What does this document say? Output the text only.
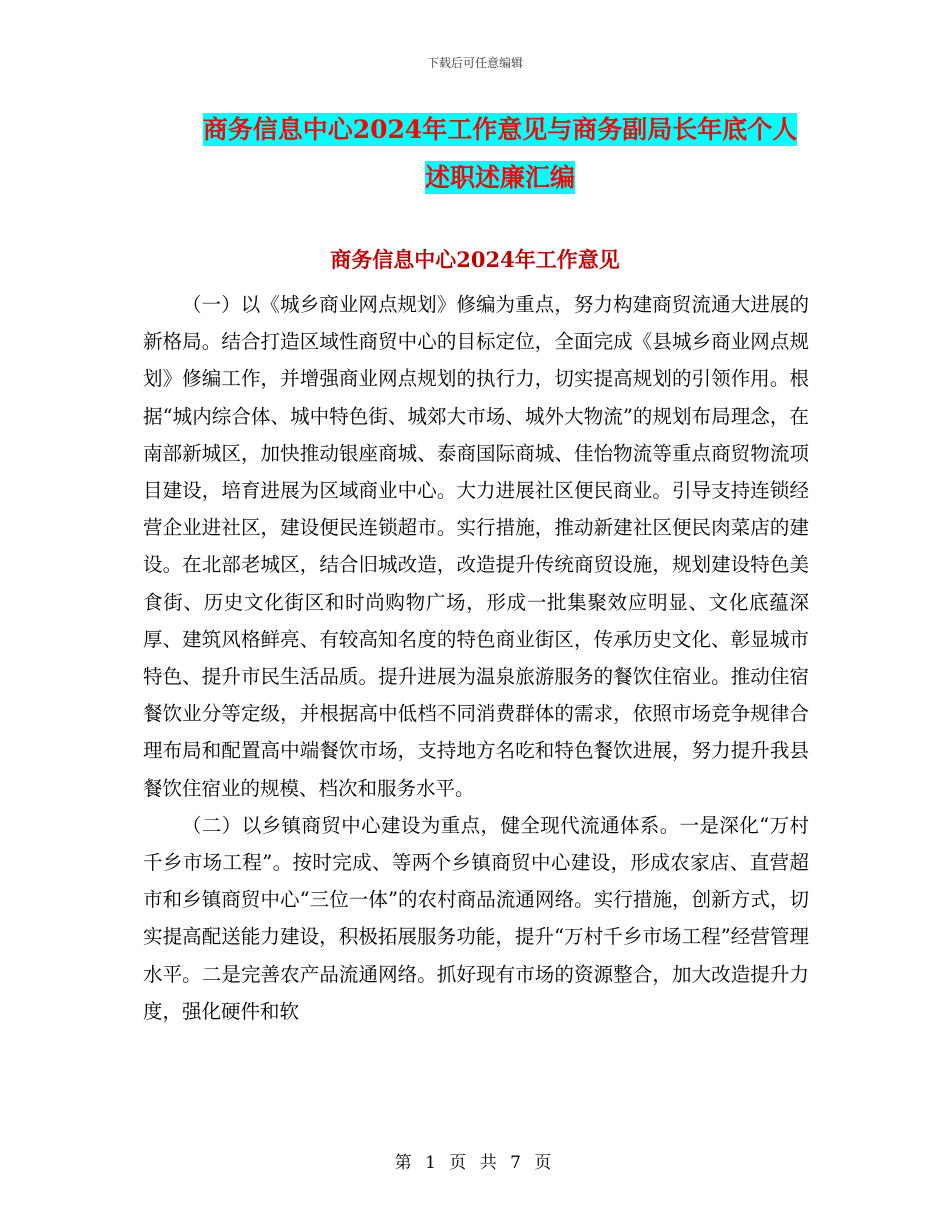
下载后可任意编辑
商务信息中心2024年工作意见与商务副局长年底个人
述职述廉汇编
商务信息中心2024年工作意见

（一）以《城乡商业网点规划》修编为重点，努力构建商贸流通大进展的新格局。结合打造区域性商贸中心的目标定位，全面完成《县城乡商业网点规划》修编工作，并增强商业网点规划的执行力，切实提高规划的引领作用。根据“城内综合体、城中特色街、城郊大市场、城外大物流”的规划布局理念，在南部新城区，加快推动银座商城、泰商国际商城、佳怡物流等重点商贸物流项目建设，培育进展为区域商业中心。大力进展社区便民商业。引导支持连锁经营企业进社区，建设便民连锁超市。实行措施，推动新建社区便民肉菜店的建设。在北部老城区，结合旧城改造，改造提升传统商贸设施，规划建设特色美食街、历史文化街区和时尚购物广场，形成一批集聚效应明显、文化底蕴深厚、建筑风格鲜亮、有较高知名度的特色商业街区，传承历史文化、彰显城市特色、提升市民生活品质。提升进展为温泉旅游服务的餐饮住宿业。推动住宿餐饮业分等定级，并根据高中低档不同消费群体的需求，依照市场竞争规律合理布局和配置高中端餐饮市场，支持地方名吃和特色餐饮进展，努力提升我县餐饮住宿业的规模、档次和服务水平。

（二）以乡镇商贸中心建设为重点，健全现代流通体系。一是深化“万村千乡市场工程”。按时完成、等两个乡镇商贸中心建设，形成农家店、直营超市和乡镇商贸中心“三位一体”的农村商品流通网络。实行措施，创新方式，切实提高配送能力建设，积极拓展服务功能，提升“万村千乡市场工程”经营管理水平。二是完善农产品流通网络。抓好现有市场的资源整合，加大改造提升力度，强化硬件和软

第 1 页 共 7 页
